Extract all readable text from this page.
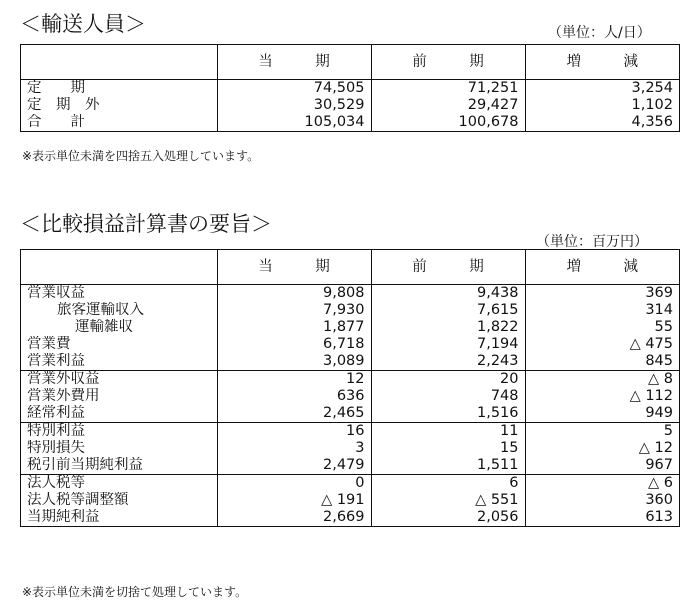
＜輸送人員＞	（単位：人/日）
	当　期	前　期	増　減
定　　期	74,505	71,251	3,254
定　期　外	30,529	29,427	1,102
合　　計	105,034	100,678	4,356
※表示単位未満を四捨五入処理しています。
＜比較損益計算書の要旨＞
（単位：百万円）
	当　期	前　期	増　減
営業収益	9,808	9,438	369
旅客運輸収入	7,930	7,615	314
運輸雑収	1,877	1,822	55
営業費	6,718	7,194	△ 475
営業利益	3,089	2,243	845
営業外収益	12	20	△ 8
営業外費用	636	748	△ 112
経常利益	2,465	1,516	949
特別利益	16	11	5
特別損失	3	15	△ 12
税引前当期純利益	2,479	1,511	967
法人税等	0	6	△ 6
法人税等調整額	△ 191	△ 551	360
当期純利益	2,669	2,056	613
※表示単位未満を切捨て処理しています。
